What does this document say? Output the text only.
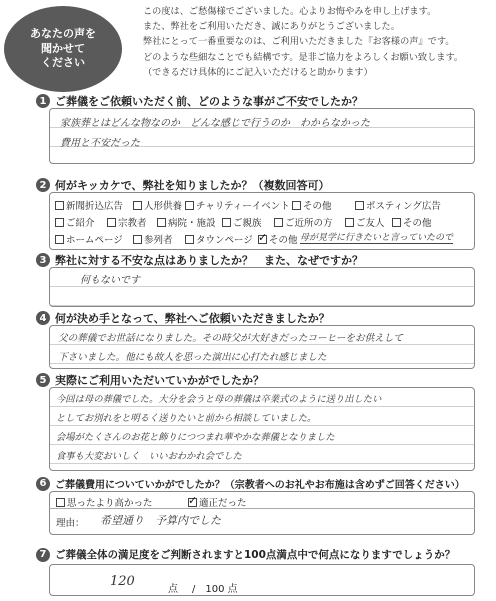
あなたの声を
聞かせて
ください
この度は、ご愁傷様でございました。心よりお悔やみを申し上げます。
また、弊社をご利用いただき、誠にありがとうございました。
弊社にとって一番重要なのは、ご利用いただきました『お客様の声』です。
どのような些細なことでも結構です。是非ご協力をよろしくお願い致します。
（できるだけ具体的にご記入いただけると助かります）
1 ご葬儀をご依頼いただく前、どのような事がご不安でしたか？
家族葬とはどんな物なのか　どんな感じで行うのか　わからなかった
費用と不安だった
2 何がキッカケで、弊社を知りましたか？（複数回答可）
新聞折込広告 人形供養 チャリティーイベント その他	ポスティング広告
ご紹介 宗教者 病院・施設 ご親族 ご近所の方 ご友人 その他
ホームページ 参列者 タウンページ ✓ その他 母が見学に行きたいと言っていたので
3 弊社に対する不安な点はありましたか？　また、なぜですか？
何もないです
4 何が決め手となって、弊社へご依頼いただきましたか？
父の葬儀でお世話になりました。その時父が大好きだったコーヒーをお供えして
下さいました。他にも故人を思った演出に心打たれ感じました
5 実際にご利用いただいていかがでしたか？
今回は母の葬儀でした。大分を会うと母の葬儀は卒業式のように送り出したい
としてお別れをと明るく送りたいと前から相談していました。
会場がたくさんのお花と飾りにつつまれ華やかな葬儀となりました
食事も大変おいしく　いいおわかれ会でした
6 ご葬儀費用についていかがでしたか？（宗教者へのお礼やお布施は含めずご回答ください）
思ったより高かった ✓	適正だった
理由： 希望通り　予算内でした
7 ご葬儀全体の満足度をご判断されますと100点満点中で何点になりますでしょうか？
120
点 /　100 点
